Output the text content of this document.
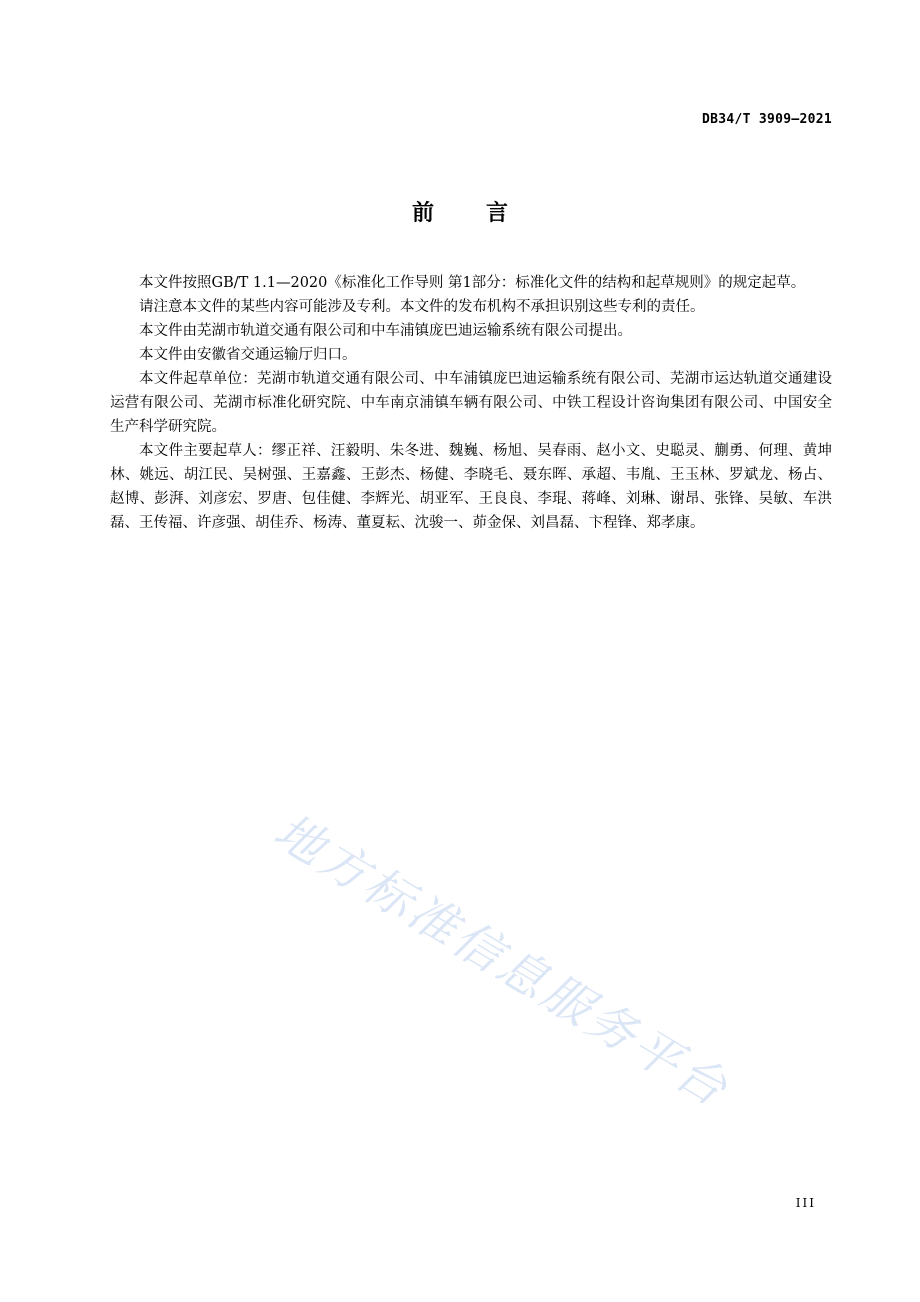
DB34/T 3909—2021
前 言

本文件按照GB/T 1.1—2020《标准化工作导则 第1部分：标准化文件的结构和起草规则》的规定起草。

请注意本文件的某些内容可能涉及专利。本文件的发布机构不承担识别这些专利的责任。

本文件由芜湖市轨道交通有限公司和中车浦镇庞巴迪运输系统有限公司提出。

本文件由安徽省交通运输厅归口。

本文件起草单位：芜湖市轨道交通有限公司、中车浦镇庞巴迪运输系统有限公司、芜湖市运达轨道交通建设运营有限公司、芜湖市标准化研究院、中车南京浦镇车辆有限公司、中铁工程设计咨询集团有限公司、中国安全生产科学研究院。

本文件主要起草人：缪正祥、汪毅明、朱冬进、魏巍、杨旭、吴春雨、赵小文、史聪灵、蒯勇、何理、黄坤林、姚远、胡江民、吴树强、王嘉鑫、王彭杰、杨健、李晓毛、聂东晖、承超、韦胤、王玉林、罗斌龙、杨占、赵博、彭湃、刘彦宏、罗唐、包佳健、李辉光、胡亚军、王良良、李琨、蒋峰、刘琳、谢昂、张锋、吴敏、车洪磊、王传福、许彦强、胡佳乔、杨涛、董夏耘、沈骏一、茆金保、刘昌磊、卞程锋、郑孝康。

地方标准信息服务平台
III
